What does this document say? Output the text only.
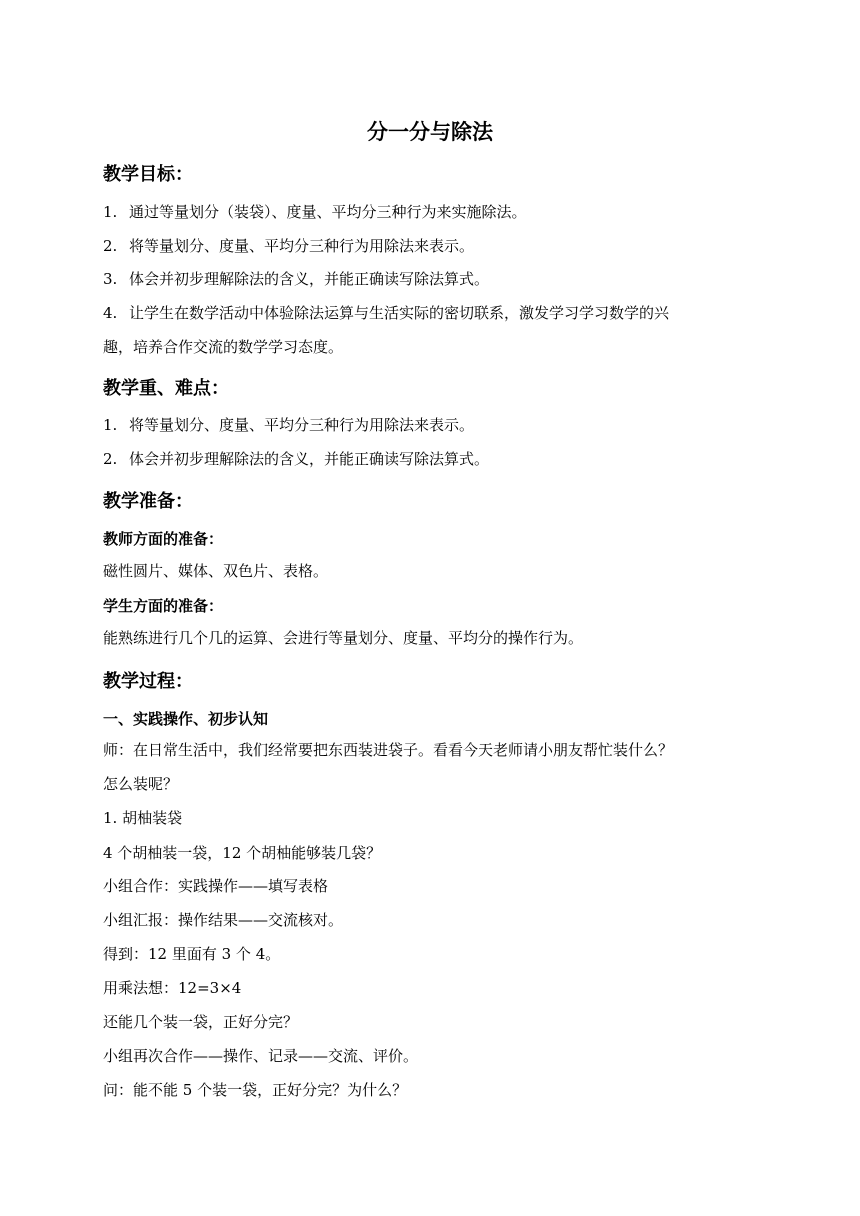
分一分与除法
教学目标：
1. 通过等量划分（装袋）、度量、平均分三种行为来实施除法。
2. 将等量划分、度量、平均分三种行为用除法来表示。
3. 体会并初步理解除法的含义，并能正确读写除法算式。
4. 让学生在数学活动中体验除法运算与生活实际的密切联系，激发学习学习数学的兴
趣，培养合作交流的数学学习态度。
教学重、难点：
1. 将等量划分、度量、平均分三种行为用除法来表示。
2. 体会并初步理解除法的含义，并能正确读写除法算式。
教学准备：
教师方面的准备：
磁性圆片、媒体、双色片、表格。
学生方面的准备：
能熟练进行几个几的运算、会进行等量划分、度量、平均分的操作行为。
教学过程：
一、实践操作、初步认知
师：在日常生活中，我们经常要把东西装进袋子。看看今天老师请小朋友帮忙装什么？
怎么装呢？
1. 胡柚装袋
4 个胡柚装一袋，12 个胡柚能够装几袋？
小组合作：实践操作——填写表格
小组汇报：操作结果——交流核对。
得到：12 里面有 3 个 4。
用乘法想：12=3×4
还能几个装一袋，正好分完？
小组再次合作——操作、记录——交流、评价。
问：能不能 5 个装一袋，正好分完？为什么？
